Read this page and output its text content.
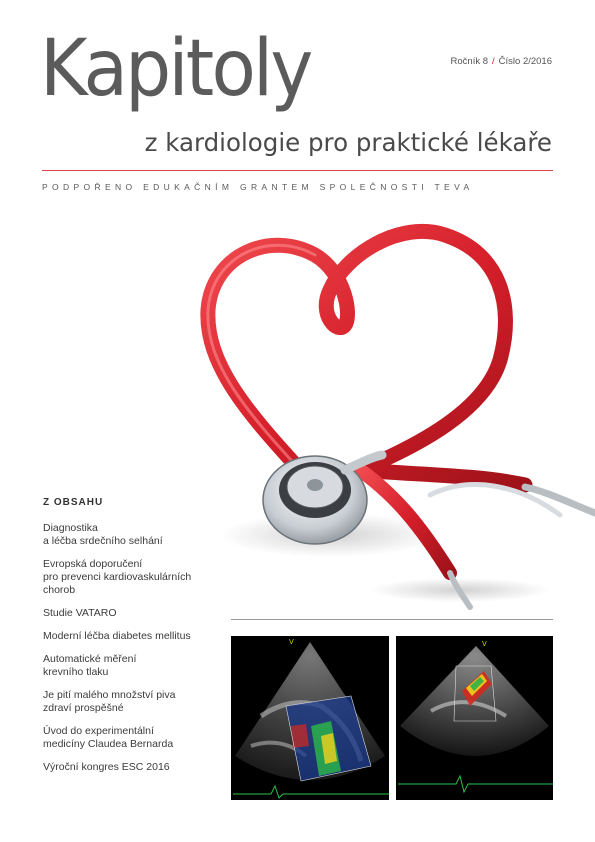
Kapitoly	Ročník 8 / Číslo 2/2016
z kardiologie pro praktické lékaře
PODPOŘENO EDUKAČNÍM GRANTEM SPOLEČNOSTI TEVA
Z OBSAHU
Diagnostika
a léčba srdečního selhání
Evropská doporučení
pro prevenci kardiovaskulárních
chorob
Studie VATARO
Moderní léčba diabetes mellitus
Automatické měření
krevního tlaku
Je pití malého množství piva
zdraví prospěšné
Úvod do experimentální
medicíny Claudea Bernarda
Výroční kongres ESC 2016
V	V
